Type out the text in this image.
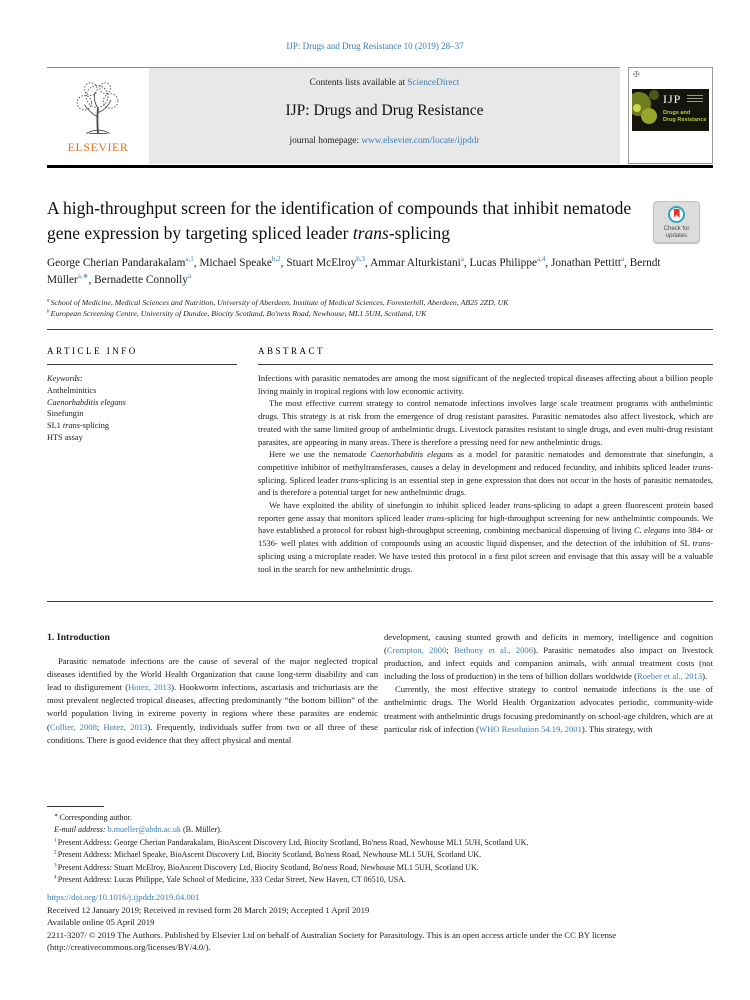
IJP: Drugs and Drug Resistance 10 (2019) 28–37
ELSEVIER
Contents lists available at ScienceDirect
IJP: Drugs and Drug Resistance
journal homepage: www.elsevier.com/locate/ijpddr
✠
IJP
Drugs and
Drug Resistance
A high-throughput screen for the identification of compounds that inhibit nematode gene expression by targeting spliced leader trans-splicing	Check for
updates
George Cherian Pandarakalam$^{a,1}$, Michael Speake$^{b,2}$, Stuart McElroy$^{b,3}$, Ammar Alturkistani$^a$, Lucas Philippe$^{a,4}$, Jonathan Pettitt$^a$, Berndt Müller$^{a,∗}$, Bernadette Connolly$^a$
$^a$ School of Medicine, Medical Sciences and Nutrition, University of Aberdeen, Institute of Medical Sciences, Foresterhill, Aberdeen, AB25 2ZD, UK
$^b$ European Screening Centre, University of Dundee, Biocity Scotland, Bo'ness Road, Newhouse, ML1 5UH, Scotland, UK
ARTICLE INFO	ABSTRACT
Keywords:
Anthelminitics
Caenorhabditis elegans
Sinefungin
SL1 trans-splicing
HTS assay

Infections with parasitic nematodes are among the most significant of the neglected tropical diseases affecting about a billion people living mainly in tropical regions with low economic activity.

The most effective current strategy to control nematode infections involves large scale treatment programs with anthelmintic drugs. This strategy is at risk from the emergence of drug resistant parasites. Parasitic nematodes also affect livestock, which are treated with the same limited group of anthelmintic drugs. Livestock parasites resistant to single drugs, and even multi-drug resistant parasites, are appearing in many areas. There is therefore a pressing need for new anthelmintic drugs.

Here we use the nematode Caenorhabditis elegans as a model for parasitic nematodes and demonstrate that sinefungin, a competitive inhibitor of methyltransferases, causes a delay in development and reduced fecundity, and inhibits spliced leader trans-splicing. Spliced leader trans-splicing is an essential step in gene expression that does not occur in the hosts of parasitic nematodes, and is therefore a potential target for new anthelmintic drugs.

We have exploited the ability of sinefungin to inhibit spliced leader trans-splicing to adapt a green fluorescent protein based reporter gene assay that monitors spliced leader trans-splicing for high-throughput screening for new anthelmintic compounds. We have established a protocol for robust high-throughput screening, combining mechanical dispensing of living C. elegans into 384- or 1536- well plates with addition of compounds using an acoustic liquid dispenser, and the detection of the inhibition of SL trans-splicing using a microplate reader. We have tested this protocol in a first pilot screen and envisage that this assay will be a valuable tool in the search for new anthelmintic drugs.

1. Introduction

Parasitic nematode infections are the cause of several of the major neglected tropical diseases identified by the World Health Organization that cause long-term disability and can lead to disfigurement (Hotez, 2013). Hookworm infections, ascariasis and trichuriasis are the most prevalent neglected tropical diseases, affecting predominantly “the bottom billion” of the world population living in extreme poverty in regions where these parasites are endemic (Collier, 2008; Hotez, 2013). Frequently, individuals suffer from two or all three of these conditions. There is good evidence that they affect physical and mental

development, causing stunted growth and deficits in memory, intelligence and cognition (Crompton, 2000; Bethony et al., 2006). Parasitic nematodes also impact on livestock production, and infect equids and companion animals, with annual treatment costs (not including the loss of production) in the tens of billion dollars worldwide (Roeber et al., 2013).

Currently, the most effective strategy to control nematode infections is the use of anthelmintic drugs. The World Health Organization advocates periodic, community-wide treatment with anthelmintic drugs focusing predominantly on school-age children, which are at particular risk of infection (WHO Resolution 54.19, 2001). This strategy, with

∗ Corresponding author.
E-mail address: b.mueller@abdn.ac.uk (B. Müller).
$^1$ Present Address: George Cherian Pandarakalam, BioAscent Discovery Ltd, Biocity Scotland, Bo'ness Road, Newhouse ML1 5UH, Scotland UK.
$^2$ Present Address: Michael Speake, BioAscent Discovery Ltd, Biocity Scotland, Bo'ness Road, Newhouse ML1 5UH, Scotland UK.
$^3$ Present Address: Stuart McElroy, BioAscent Discovery Ltd, Biocity Scotland, Bo'ness Road, Newhouse ML1 5UH, Scotland UK.
$^4$ Present Address: Lucas Philippe, Yale School of Medicine, 333 Cedar Street, New Haven, CT 06510, USA.
https://doi.org/10.1016/j.ijpddr.2019.04.001
Received 12 January 2019; Received in revised form 28 March 2019; Accepted 1 April 2019
Available online 05 April 2019
2211-3207/ © 2019 The Authors. Published by Elsevier Ltd on behalf of Australian Society for Parasitology. This is an open access article under the CC BY license (http://creativecommons.org/licenses/BY/4.0/).
